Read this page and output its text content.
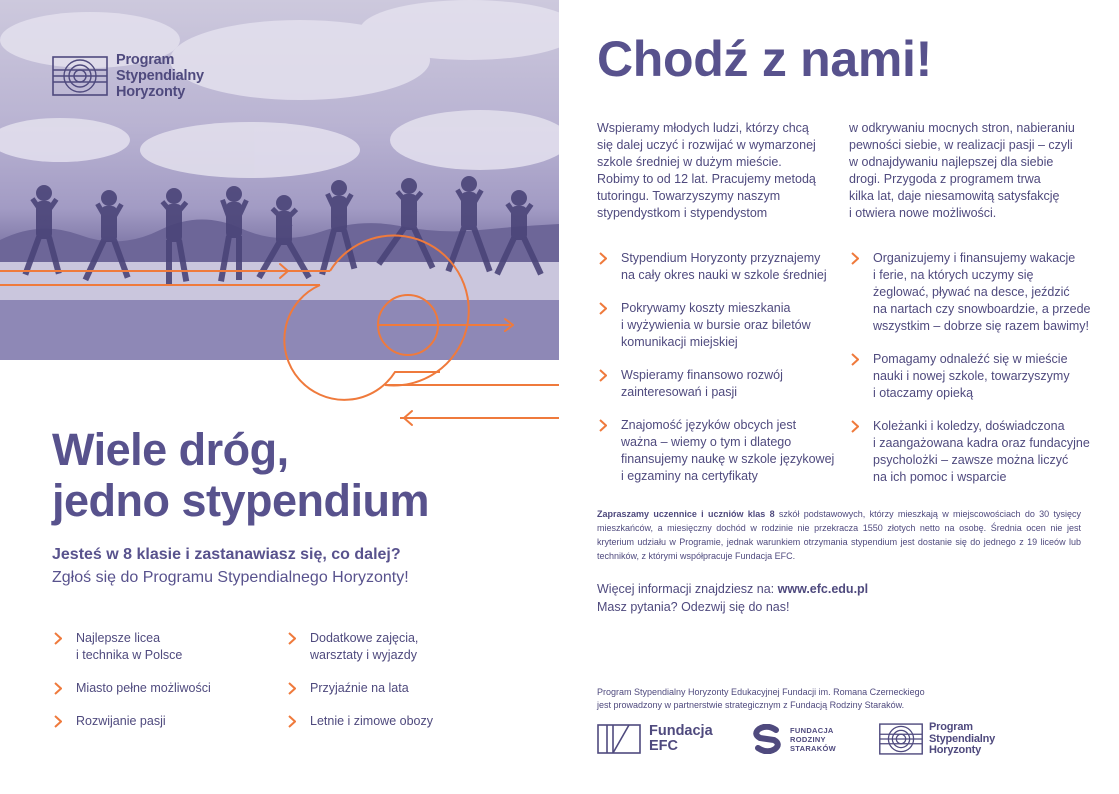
Program
Stypendialny
Horyzonty
Wiele dróg,
jedno stypendium

Jesteś w 8 klasie i zastanawiasz się, co dalej?

Zgłoś się do Programu Stypendialnego Horyzonty!

Najlepsze licea
i technika w Polsce
Miasto pełne możliwości
Rozwijanie pasji
Dodatkowe zajęcia,
warsztaty i wyjazdy
Przyjaźnie na lata
Letnie i zimowe obozy
Chodź z nami!

Wspieramy młodych ludzi, którzy chcą
się dalej uczyć i rozwijać w wymarzonej
szkole średniej w dużym mieście.
Robimy to od 12 lat. Pracujemy metodą
tutoringu. Towarzyszymy naszym
stypendystkom i stypendystom

w odkrywaniu mocnych stron, nabieraniu
pewności siebie, w realizacji pasji – czyli
w odnajdywaniu najlepszej dla siebie
drogi. Przygoda z programem trwa
kilka lat, daje niesamowitą satysfakcję
i otwiera nowe możliwości.

Stypendium Horyzonty przyznajemy
na cały okres nauki w szkole średniej
Pokrywamy koszty mieszkania
i wyżywienia w bursie oraz biletów
komunikacji miejskiej
Wspieramy finansowo rozwój
zainteresowań i pasji
Znajomość języków obcych jest
ważna – wiemy o tym i dlatego
finansujemy naukę w szkole językowej
i egzaminy na certyfikaty
Organizujemy i finansujemy wakacje
i ferie, na których uczymy się
żeglować, pływać na desce, jeździć
na nartach czy snowboardzie, a przede
wszystkim – dobrze się razem bawimy!
Pomagamy odnaleźć się w mieście
nauki i nowej szkole, towarzyszymy
i otaczamy opieką
Koleżanki i koledzy, doświadczona
i zaangażowana kadra oraz fundacyjne
psycholożki – zawsze można liczyć
na ich pomoc i wsparcie

Zapraszamy uczennice i uczniów klas 8 szkół podstawowych, którzy mieszkają w miejscowościach do 30 tysięcy mieszkańców, a miesięczny dochód w rodzinie nie przekracza 1550 złotych netto na osobę. Średnia ocen nie jest kryterium udziału w Programie, jednak warunkiem otrzymania stypendium jest dostanie się do jednego z 19 liceów lub techników, z którymi współpracuje Fundacja EFC.

Więcej informacji znajdziesz na: www.efc.edu.pl
Masz pytania? Odezwij się do nas!
Program Stypendialny Horyzonty Edukacyjnej Fundacji im. Romana Czerneckiego
jest prowadzony w partnerstwie strategicznym z Fundacją Rodziny Staraków.
Fundacja
EFC
FUNDACJA
RODZINY
STARAKÓW
Program
Stypendialny
Horyzonty
